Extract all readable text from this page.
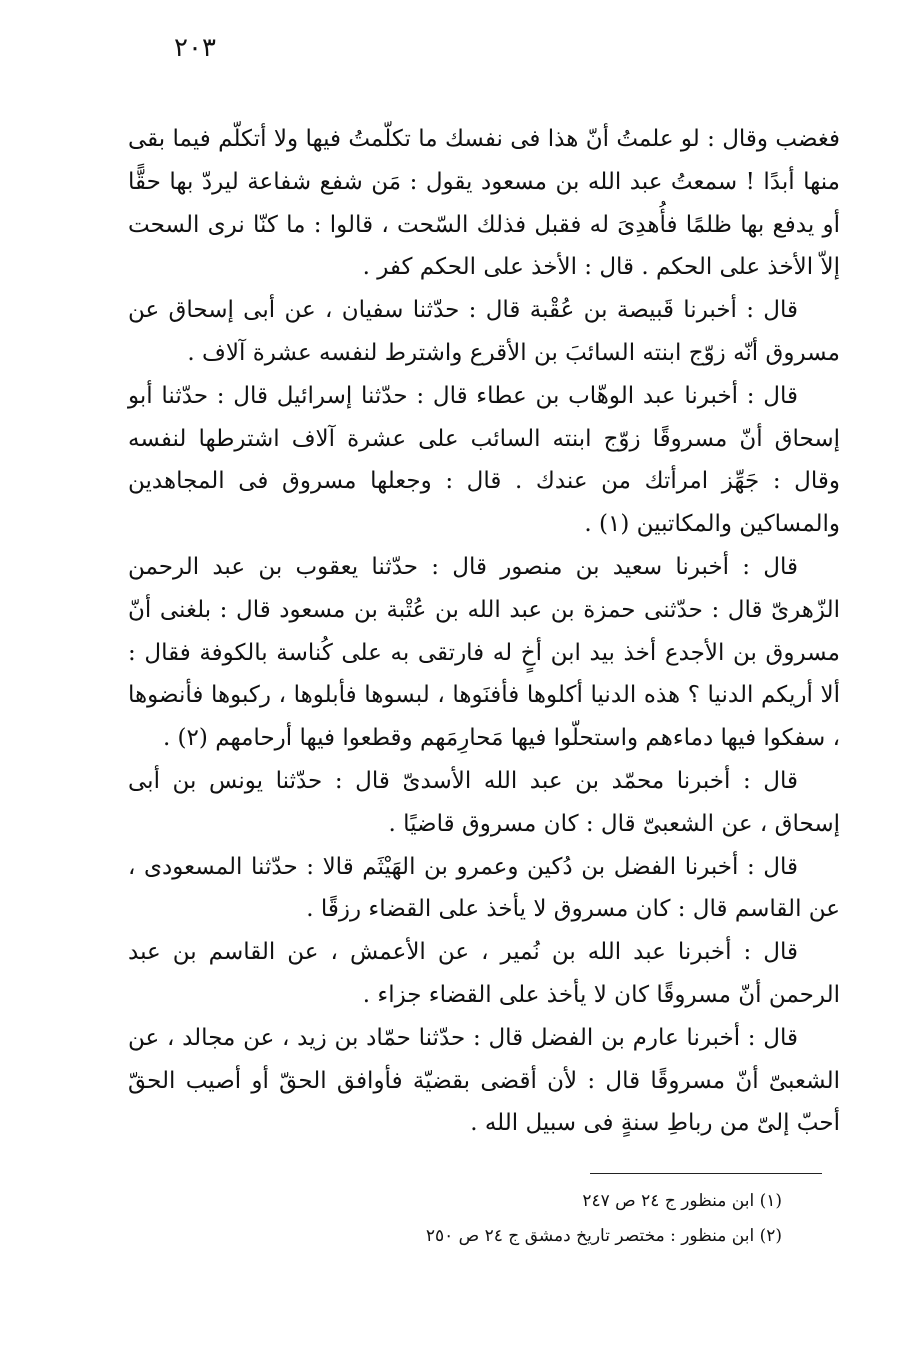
٢٠٣

فغضب وقال : لو علمتُ أنّ هذا فى نفسك ما تكلّمتُ فيها ولا أتكلّم فيما بقى منها أبدًا ! سمعتُ عبد الله بن مسعود يقول : مَن شفع شفاعة ليردّ بها حقًّا أو يدفع بها ظلمًا فأُهدِىَ له فقبل فذلك السّحت ، قالوا : ما كنّا نرى السحت إلاّ الأخذ على الحكم . قال : الأخذ على الحكم كفر .

قال : أخبرنا قَبيصة بن عُقْبة قال : حدّثنا سفيان ، عن أبى إسحاق عن مسروق أنّه زوّج ابنته السائبَ بن الأقرع واشترط لنفسه عشرة آلاف .

قال : أخبرنا عبد الوهّاب بن عطاء قال : حدّثنا إسرائيل قال : حدّثنا أبو إسحاق أنّ مسروقًا زوّج ابنته السائب على عشرة آلاف اشترطها لنفسه وقال : جَهِّز امرأتك من عندك . قال : وجعلها مسروق فى المجاهدين والمساكين والمكاتبين (١) .

قال : أخبرنا سعيد بن منصور قال : حدّثنا يعقوب بن عبد الرحمن الزّهرىّ قال : حدّثنى حمزة بن عبد الله بن عُتْبة بن مسعود قال : بلغنى أنّ مسروق بن الأجدع أخذ بيد ابن أخٍ له فارتقى به على كُناسة بالكوفة فقال : ألا أريكم الدنيا ؟ هذه الدنيا أكلوها فأفنَوها ، لبسوها فأبلوها ، ركبوها فأنضوها ، سفكوا فيها دماءهم واستحلّوا فيها مَحارِمَهم وقطعوا فيها أرحامهم (٢) .

قال : أخبرنا محمّد بن عبد الله الأسدىّ قال : حدّثنا يونس بن أبى إسحاق ، عن الشعبىّ قال : كان مسروق قاضيًا .

قال : أخبرنا الفضل بن دُكين وعمرو بن الهَيْثَم قالا : حدّثنا المسعودى ، عن القاسم قال : كان مسروق لا يأخذ على القضاء رزقًا .

قال : أخبرنا عبد الله بن نُمير ، عن الأعمش ، عن القاسم بن عبد الرحمن أنّ مسروقًا كان لا يأخذ على القضاء جزاء .

قال : أخبرنا عارم بن الفضل قال : حدّثنا حمّاد بن زيد ، عن مجالد ، عن الشعبىّ أنّ مسروقًا قال : لأن أقضى بقضيّة فأوافق الحقّ أو أصيب الحقّ أحبّ إلىّ من رباطِ سنةٍ فى سبيل الله .

(١) ابن منظور ج ٢٤ ص ٢٤٧

(٢) ابن منظور : مختصر تاريخ دمشق ج ٢٤ ص ٢٥٠
